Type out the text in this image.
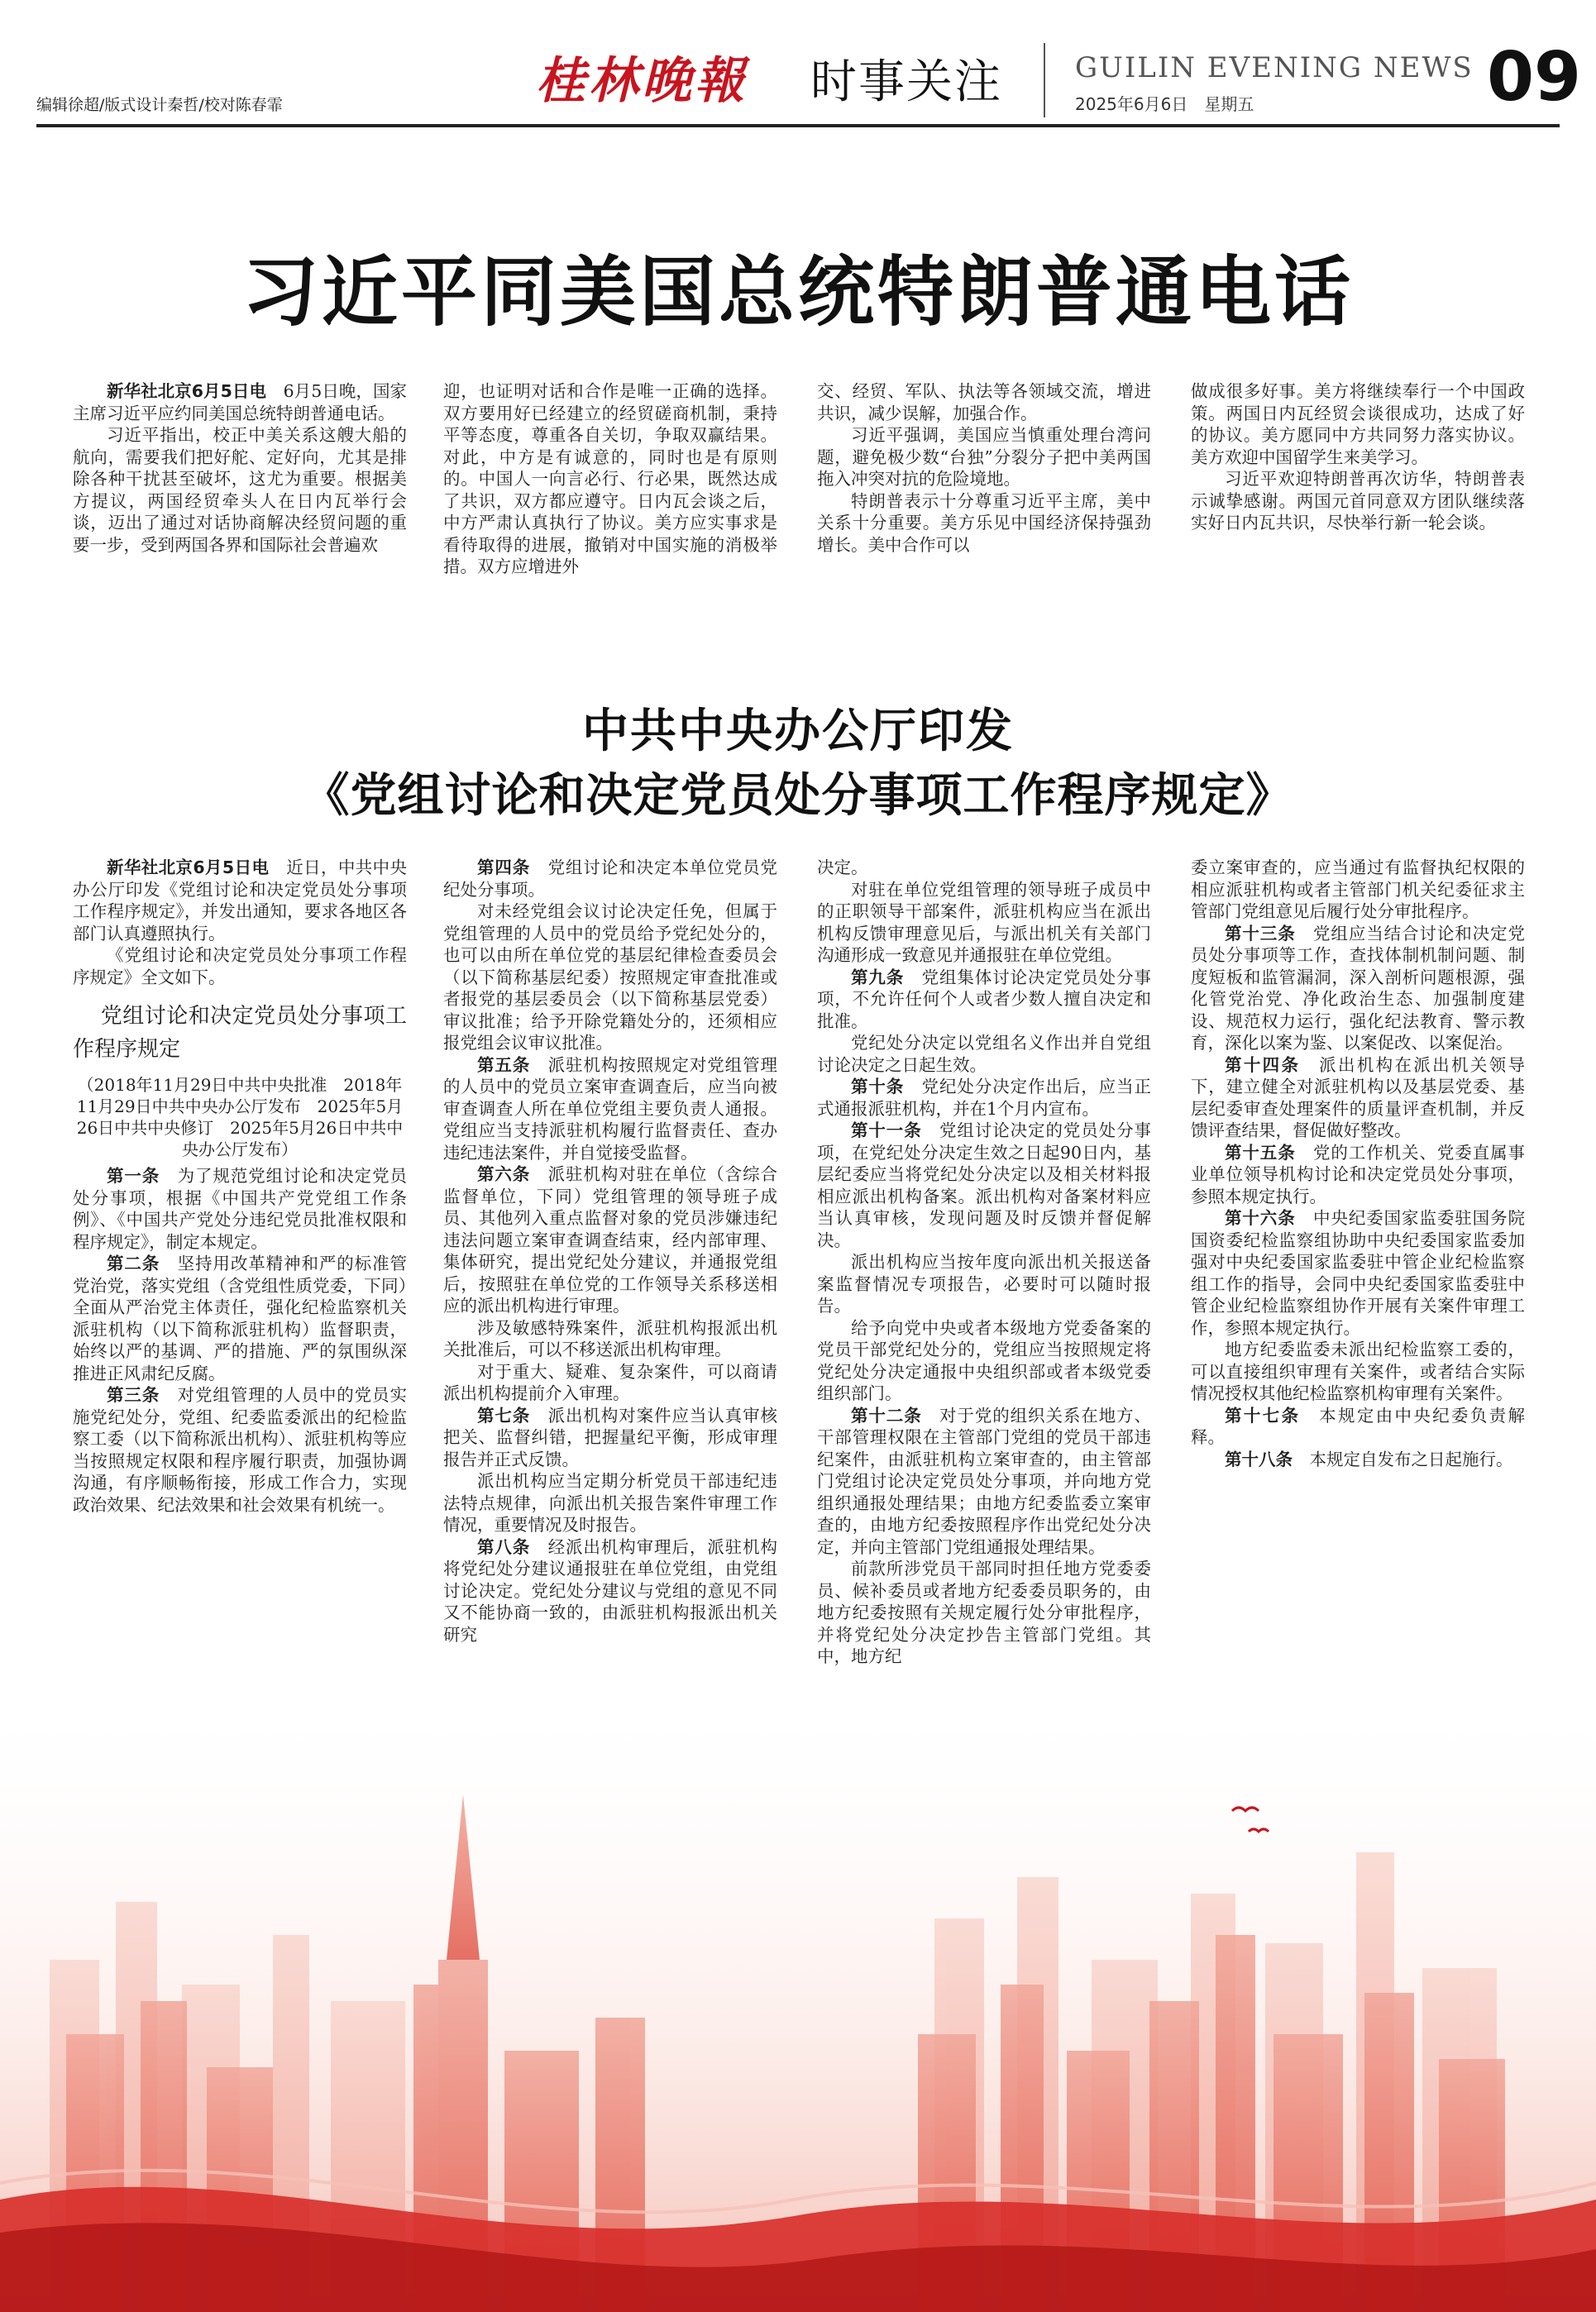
编辑徐超/版式设计秦哲/校对陈春霏	桂林晚報 时事关注	GUILIN EVENING NEWS
2025年6月6日　星期五	09
习近平同美国总统特朗普通电话

新华社北京6月5日电　6月5日晚，国家主席习近平应约同美国总统特朗普通电话。

习近平指出，校正中美关系这艘大船的航向，需要我们把好舵、定好向，尤其是排除各种干扰甚至破坏，这尤为重要。根据美方提议，两国经贸牵头人在日内瓦举行会谈，迈出了通过对话协商解决经贸问题的重要一步，受到两国各界和国际社会普遍欢

迎，也证明对话和合作是唯一正确的选择。双方要用好已经建立的经贸磋商机制，秉持平等态度，尊重各自关切，争取双赢结果。对此，中方是有诚意的，同时也是有原则的。中国人一向言必行、行必果，既然达成了共识，双方都应遵守。日内瓦会谈之后，中方严肃认真执行了协议。美方应实事求是看待取得的进展，撤销对中国实施的消极举措。双方应增进外

交、经贸、军队、执法等各领域交流，增进共识，减少误解，加强合作。

习近平强调，美国应当慎重处理台湾问题，避免极少数“台独”分裂分子把中美两国拖入冲突对抗的危险境地。

特朗普表示十分尊重习近平主席，美中关系十分重要。美方乐见中国经济保持强劲增长。美中合作可以

做成很多好事。美方将继续奉行一个中国政策。两国日内瓦经贸会谈很成功，达成了好的协议。美方愿同中方共同努力落实协议。美方欢迎中国留学生来美学习。

习近平欢迎特朗普再次访华，特朗普表示诚挚感谢。两国元首同意双方团队继续落实好日内瓦共识，尽快举行新一轮会谈。

中共中央办公厅印发
《党组讨论和决定党员处分事项工作程序规定》

新华社北京6月5日电　近日，中共中央办公厅印发《党组讨论和决定党员处分事项工作程序规定》，并发出通知，要求各地区各部门认真遵照执行。

《党组讨论和决定党员处分事项工作程序规定》全文如下。

党组讨论和决定党员处分事项工作程序规定

（2018年11月29日中共中央批准　2018年11月29日中共中央办公厅发布　2025年5月26日中共中央修订　2025年5月26日中共中央办公厅发布）

第一条　为了规范党组讨论和决定党员处分事项，根据《中国共产党党组工作条例》、《中国共产党处分违纪党员批准权限和程序规定》，制定本规定。

第二条　坚持用改革精神和严的标准管党治党，落实党组（含党组性质党委，下同）全面从严治党主体责任，强化纪检监察机关派驻机构（以下简称派驻机构）监督职责，始终以严的基调、严的措施、严的氛围纵深推进正风肃纪反腐。

第三条　对党组管理的人员中的党员实施党纪处分，党组、纪委监委派出的纪检监察工委（以下简称派出机构）、派驻机构等应当按照规定权限和程序履行职责，加强协调沟通，有序顺畅衔接，形成工作合力，实现政治效果、纪法效果和社会效果有机统一。

第四条　党组讨论和决定本单位党员党纪处分事项。

对未经党组会议讨论决定任免，但属于党组管理的人员中的党员给予党纪处分的，也可以由所在单位党的基层纪律检查委员会（以下简称基层纪委）按照规定审查批准或者报党的基层委员会（以下简称基层党委）审议批准；给予开除党籍处分的，还须相应报党组会议审议批准。

第五条　派驻机构按照规定对党组管理的人员中的党员立案审查调查后，应当向被审查调查人所在单位党组主要负责人通报。党组应当支持派驻机构履行监督责任、查办违纪违法案件，并自觉接受监督。

第六条　派驻机构对驻在单位（含综合监督单位，下同）党组管理的领导班子成员、其他列入重点监督对象的党员涉嫌违纪违法问题立案审查调查结束，经内部审理、集体研究，提出党纪处分建议，并通报党组后，按照驻在单位党的工作领导关系移送相应的派出机构进行审理。

涉及敏感特殊案件，派驻机构报派出机关批准后，可以不移送派出机构审理。

对于重大、疑难、复杂案件，可以商请派出机构提前介入审理。

第七条　派出机构对案件应当认真审核把关、监督纠错，把握量纪平衡，形成审理报告并正式反馈。

派出机构应当定期分析党员干部违纪违法特点规律，向派出机关报告案件审理工作情况，重要情况及时报告。

第八条　经派出机构审理后，派驻机构将党纪处分建议通报驻在单位党组，由党组讨论决定。党纪处分建议与党组的意见不同又不能协商一致的，由派驻机构报派出机关研究

决定。

对驻在单位党组管理的领导班子成员中的正职领导干部案件，派驻机构应当在派出机构反馈审理意见后，与派出机关有关部门沟通形成一致意见并通报驻在单位党组。

第九条　党组集体讨论决定党员处分事项，不允许任何个人或者少数人擅自决定和批准。

党纪处分决定以党组名义作出并自党组讨论决定之日起生效。

第十条　党纪处分决定作出后，应当正式通报派驻机构，并在1个月内宣布。

第十一条　党组讨论决定的党员处分事项，在党纪处分决定生效之日起90日内，基层纪委应当将党纪处分决定以及相关材料报相应派出机构备案。派出机构对备案材料应当认真审核，发现问题及时反馈并督促解决。

派出机构应当按年度向派出机关报送备案监督情况专项报告，必要时可以随时报告。

给予向党中央或者本级地方党委备案的党员干部党纪处分的，党组应当按照规定将党纪处分决定通报中央组织部或者本级党委组织部门。

第十二条　对于党的组织关系在地方、干部管理权限在主管部门党组的党员干部违纪案件，由派驻机构立案审查的，由主管部门党组讨论决定党员处分事项，并向地方党组织通报处理结果；由地方纪委监委立案审查的，由地方纪委按照程序作出党纪处分决定，并向主管部门党组通报处理结果。

前款所涉党员干部同时担任地方党委委员、候补委员或者地方纪委委员职务的，由地方纪委按照有关规定履行处分审批程序，并将党纪处分决定抄告主管部门党组。其中，地方纪

委立案审查的，应当通过有监督执纪权限的相应派驻机构或者主管部门机关纪委征求主管部门党组意见后履行处分审批程序。

第十三条　党组应当结合讨论和决定党员处分事项等工作，查找体制机制问题、制度短板和监管漏洞，深入剖析问题根源，强化管党治党、净化政治生态、加强制度建设、规范权力运行，强化纪法教育、警示教育，深化以案为鉴、以案促改、以案促治。

第十四条　派出机构在派出机关领导下，建立健全对派驻机构以及基层党委、基层纪委审查处理案件的质量评查机制，并反馈评查结果，督促做好整改。

第十五条　党的工作机关、党委直属事业单位领导机构讨论和决定党员处分事项，参照本规定执行。

第十六条　中央纪委国家监委驻国务院国资委纪检监察组协助中央纪委国家监委加强对中央纪委国家监委驻中管企业纪检监察组工作的指导，会同中央纪委国家监委驻中管企业纪检监察组协作开展有关案件审理工作，参照本规定执行。

地方纪委监委未派出纪检监察工委的，可以直接组织审理有关案件，或者结合实际情况授权其他纪检监察机构审理有关案件。

第十七条　本规定由中央纪委负责解释。

第十八条　本规定自发布之日起施行。
